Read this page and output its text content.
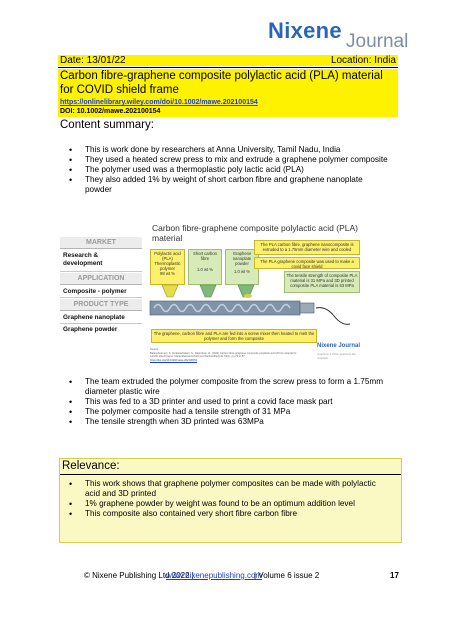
Nixene Journal
Date: 13/01/22	Location: India
Carbon fibre-graphene composite polylactic acid (PLA) material for COVID shield frame
https://onlinelibrary.wiley.com/doi/10.1002/mawe.202100154
DOI: 10.1002/mawe.202100154
Content summary:
• This is work done by researchers at Anna University, Tamil Nadu, India
• They used a heated screw press to mix and extrude a graphene polymer composite
• The polymer used was a thermoplastic poly lactic acid (PLA)
• They also added 1% by weight of short carbon fibre and graphene nanoplate powder
Carbon fibre-graphene composite polylactic acid (PLA) material
MARKET
Research & development
APPLICATION
Composite - polymer
PRODUCT TYPE
Graphene nanoplate
Graphene powder
Polylactic acid (PLA) Thermoplastic polymer
98 wt %
Short carbon fibre
1.0 wt %
Graphene nanoplate powder
1.0 wt %
The PLA carbon fibre, graphene nanocomposite is extruded to a 1.75mm diameter wire and cooled
The PLA graphene composite was used to make a covid face shield
The tensile strength of composite PLA material is 31 MPa and 3D printed composite PLA material is 63 MPa
The graphene, carbon fibre and PLA are fed into a screw mixer then heated to melt the polymer and form the composite
Source:
Balasubramani, S. Venkatachalam, S., Rajendran, R. (2022) Carbon fibre-graphene composite polylactic acid (PLA) material for COVID shield frame. Materialwissenschaft und Werkstofftechnik 53(1), pp.79 to 87
https://doi.org/10.1002/mawe.202100154
Nixene Journal
Graphene & Other graphene-like materials
• The team extruded the polymer composite from the screw press to form a 1.75mm diameter plastic wire
• This was fed to a 3D printer and used to print a covid face mask part
• The polymer composite had a tensile strength of 31 MPa
• The tensile strength when 3D printed was 63MPa
Relevance:
• This work shows that graphene polymer composites can be made with polylactic acid and 3D printed
• 1% graphene powder by weight was found to be an optimum addition level
• This composite also contained very short fibre carbon fibre
© Nixene Publishing Ltd 2022 |
www.nixenepublishing.com
| Volume 6 issue 2	17
